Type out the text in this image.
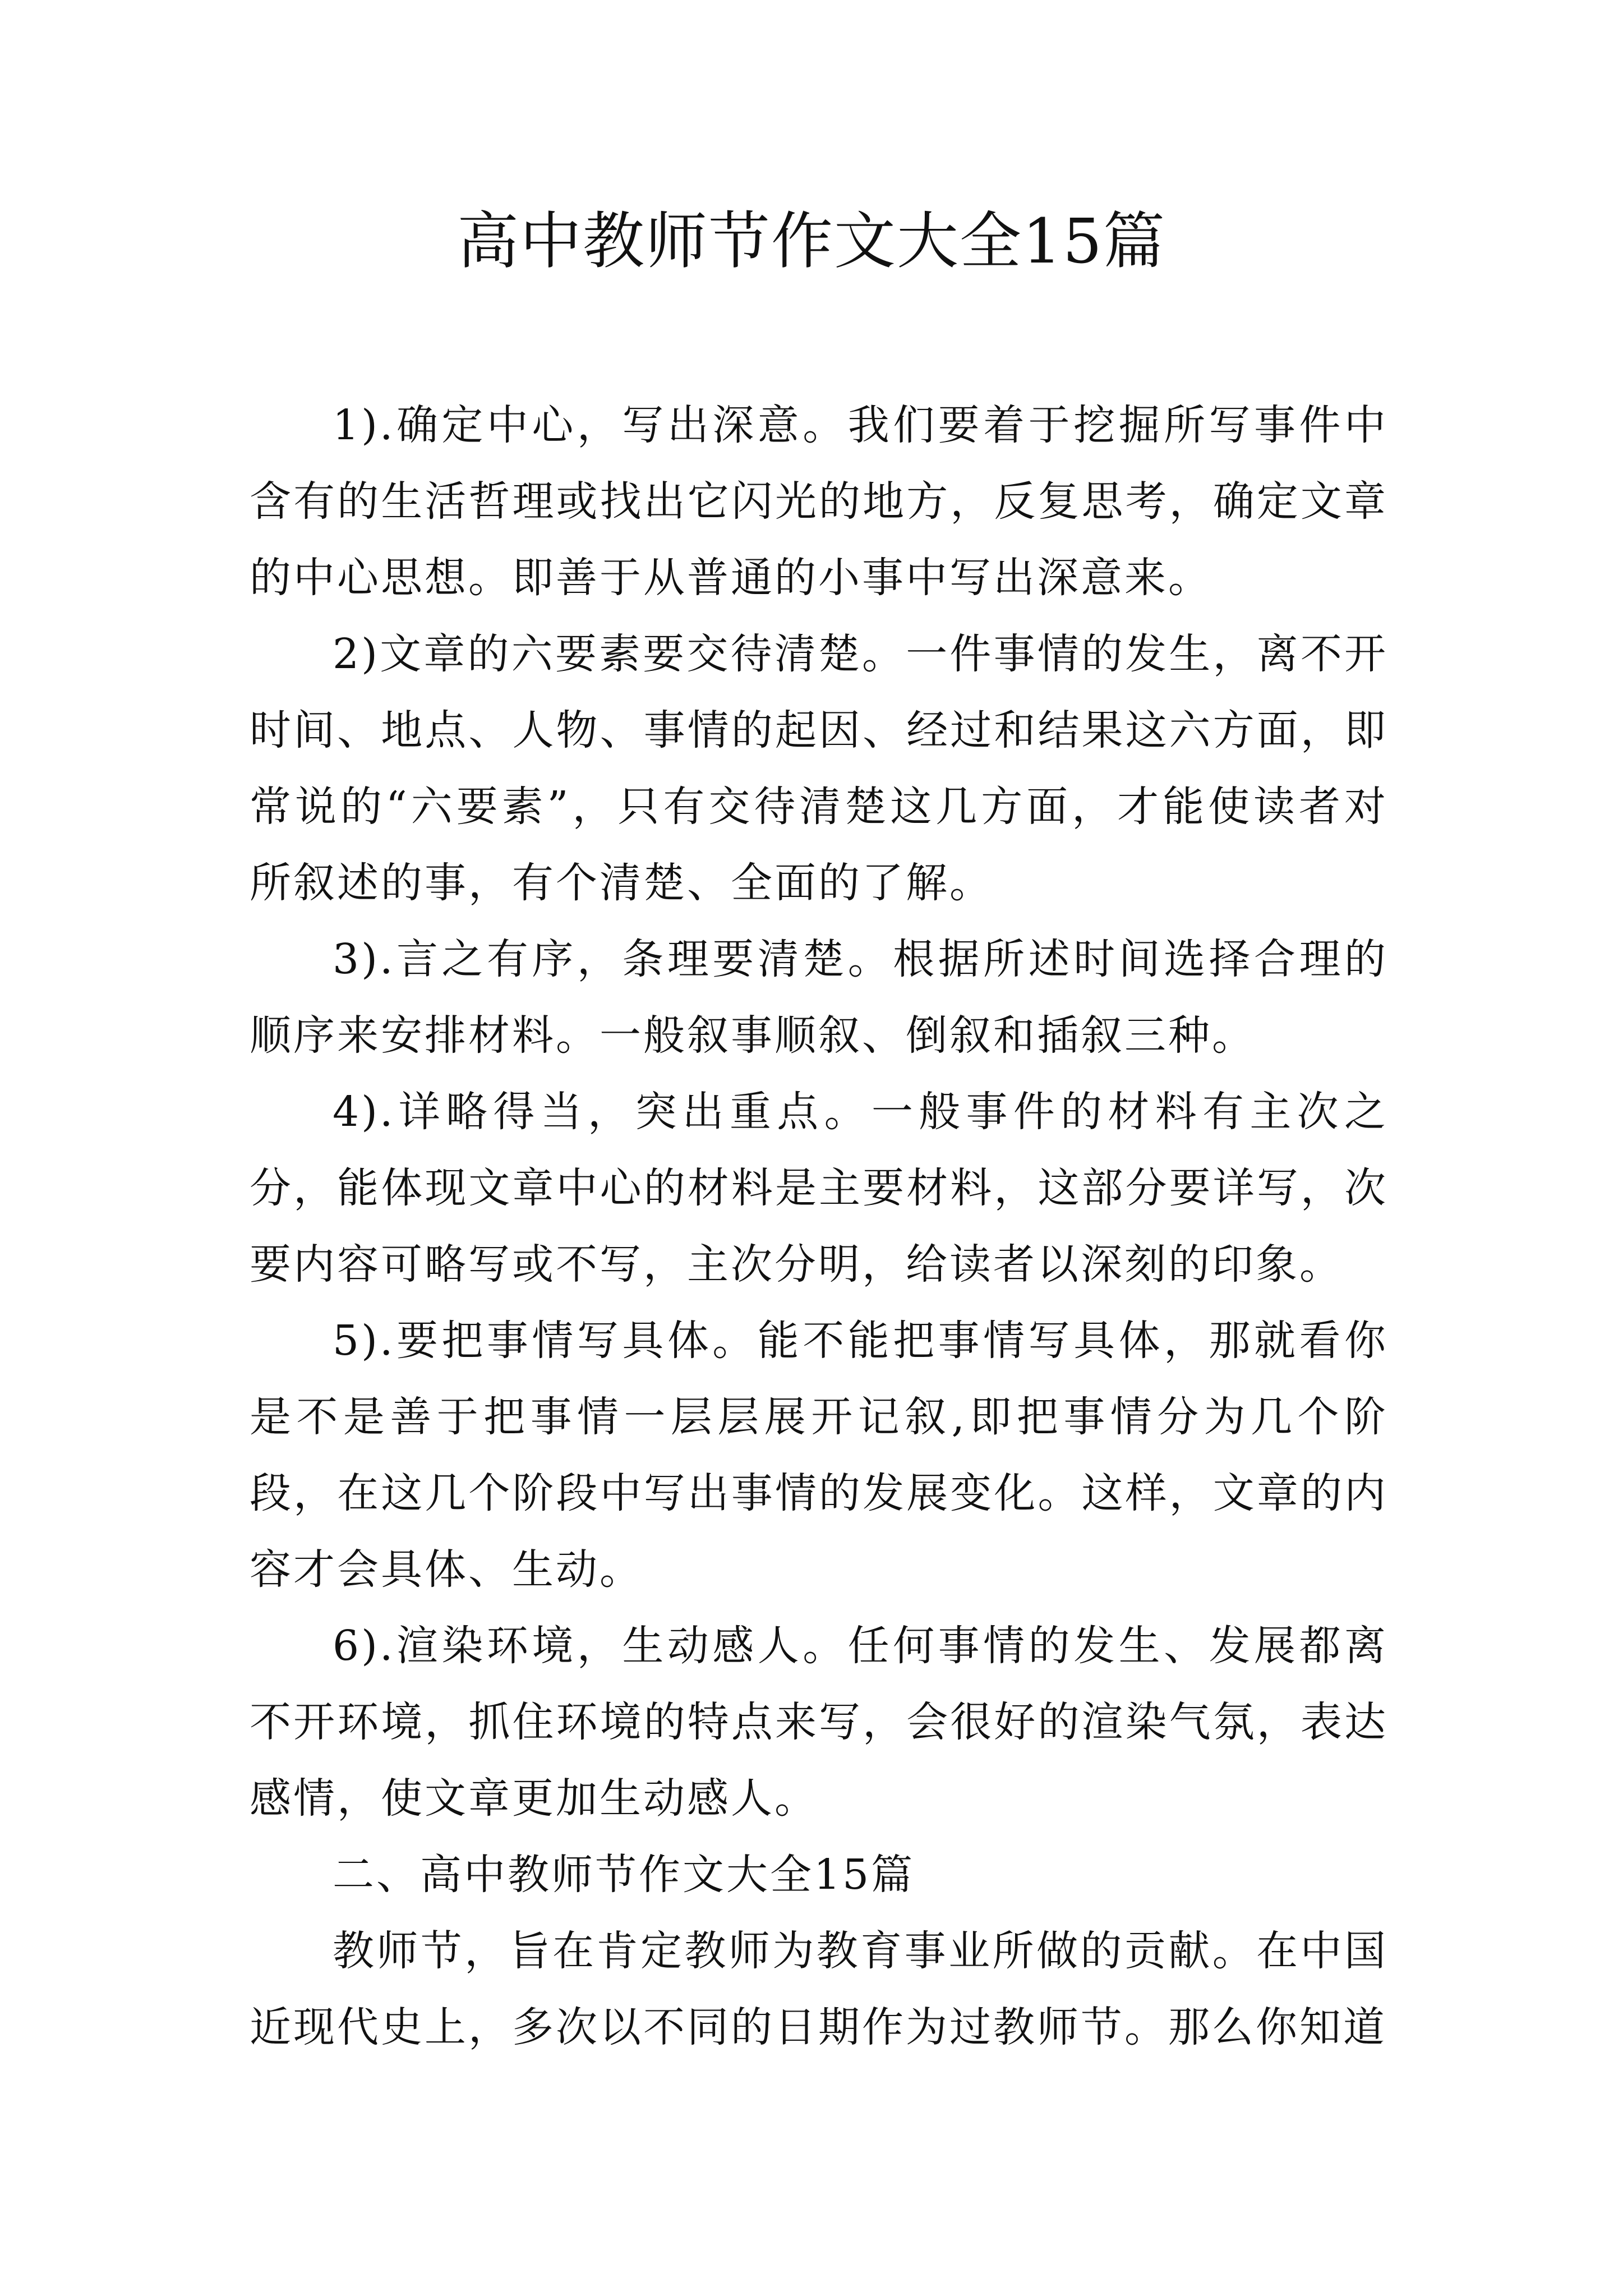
高中教师节作文大全15篇

1).确定中心，写出深意。我们要着于挖掘所写事件中含有的生活哲理或找出它闪光的地方，反复思考，确定文章的中心思想。即善于从普通的小事中写出深意来。

2)文章的六要素要交待清楚。一件事情的发生，离不开时间、地点、人物、事情的起因、经过和结果这六方面，即常说的“六要素”，只有交待清楚这几方面，才能使读者对所叙述的事，有个清楚、全面的了解。

3).言之有序，条理要清楚。根据所述时间选择合理的顺序来安排材料。一般叙事顺叙、倒叙和插叙三种。

4).详略得当，突出重点。一般事件的材料有主次之分，能体现文章中心的材料是主要材料，这部分要详写，次要内容可略写或不写，主次分明，给读者以深刻的印象。

5).要把事情写具体。能不能把事情写具体，那就看你是不是善于把事情一层层展开记叙,即把事情分为几个阶段，在这几个阶段中写出事情的发展变化。这样，文章的内容才会具体、生动。

6).渲染环境，生动感人。任何事情的发生、发展都离不开环境，抓住环境的特点来写，会很好的渲染气氛，表达感情，使文章更加生动感人。

二、高中教师节作文大全15篇

教师节，旨在肯定教师为教育事业所做的贡献。在中国近现代史上，多次以不同的日期作为过教师节。那么你知道
